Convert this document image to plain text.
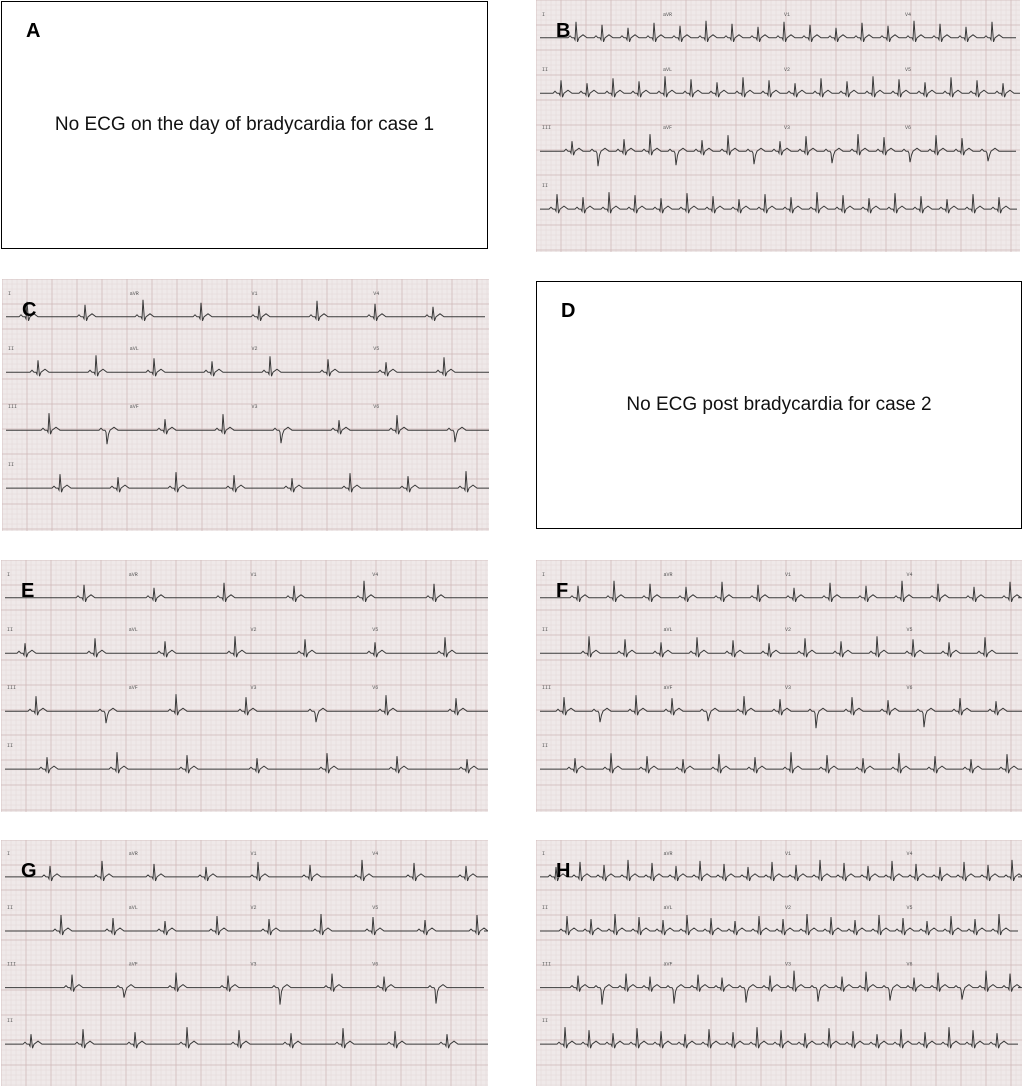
A
No ECG on the day of bradycardia for case 1
I	aVR	V1	V4
II	aVL	V2	V5
III	aVF	V3	V6
II
B
I	aVR	V1	V4
II	aVL	V2	V5
III	aVF	V3	V6
II
C	D
No ECG post bradycardia for case 2
I	aVR	V1	V4
II	aVL	V2	V5
III	aVF	V3	V6
II
E
I	aVR	V1	V4
II	aVL	V2	V5
III	aVF	V3	V6
II
F
I	aVR	V1	V4
II	aVL	V2	V5
III	aVF	V3	V6
II
G
I	aVR	V1	V4
II	aVL	V2	V5
III	aVF	V3	V6
II
H
